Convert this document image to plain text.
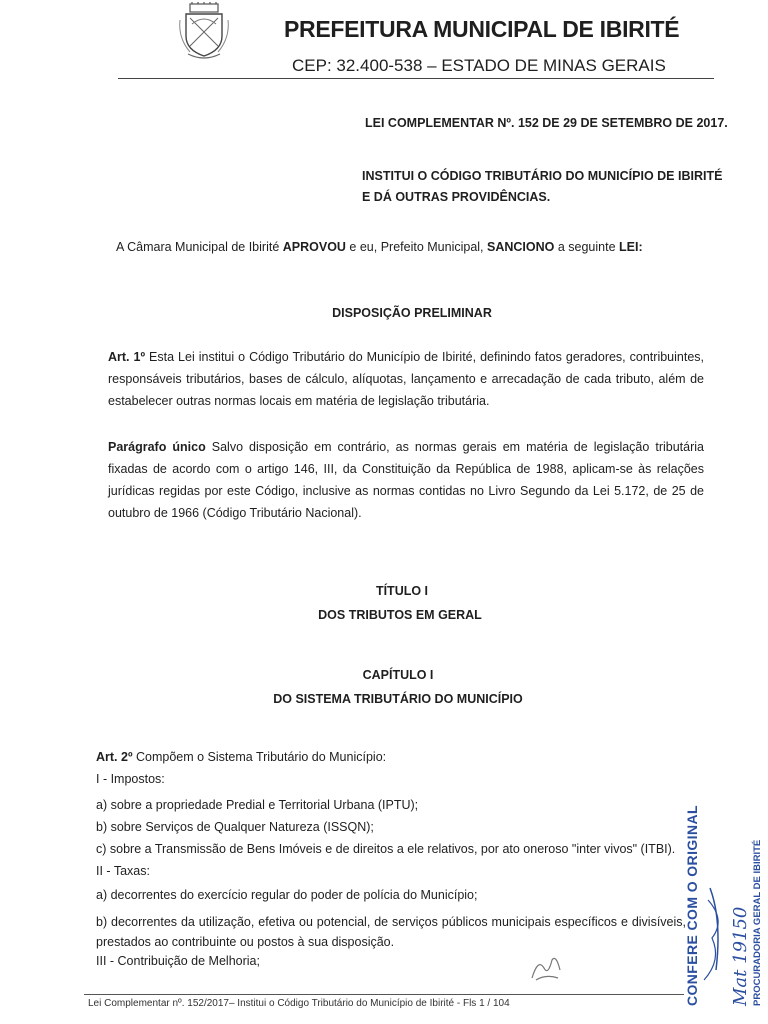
PREFEITURA MUNICIPAL DE IBIRITÉ
CEP: 32.400-538 – ESTADO DE MINAS GERAIS
LEI COMPLEMENTAR Nº. 152 DE 29 DE SETEMBRO DE 2017.
INSTITUI O CÓDIGO TRIBUTÁRIO DO MUNICÍPIO DE IBIRITÉ
E DÁ OUTRAS PROVIDÊNCIAS.
A Câmara Municipal de Ibirité APROVOU e eu, Prefeito Municipal, SANCIONO a seguinte LEI:
DISPOSIÇÃO PRELIMINAR
Art. 1º Esta Lei institui o Código Tributário do Município de Ibirité, definindo fatos geradores, contribuintes, responsáveis tributários, bases de cálculo, alíquotas, lançamento e arrecadação de cada tributo, além de estabelecer outras normas locais em matéria de legislação tributária.
Parágrafo único Salvo disposição em contrário, as normas gerais em matéria de legislação tributária fixadas de acordo com o artigo 146, III, da Constituição da República de 1988, aplicam-se às relações jurídicas regidas por este Código, inclusive as normas contidas no Livro Segundo da Lei 5.172, de 25 de outubro de 1966 (Código Tributário Nacional).
TÍTULO I
DOS TRIBUTOS EM GERAL
CAPÍTULO I
DO SISTEMA TRIBUTÁRIO DO MUNICÍPIO
Art. 2º Compõem o Sistema Tributário do Município:
I - Impostos:
a) sobre a propriedade Predial e Territorial Urbana (IPTU);
b) sobre Serviços de Qualquer Natureza (ISSQN);
c) sobre a Transmissão de Bens Imóveis e de direitos a ele relativos, por ato oneroso "inter vivos" (ITBI).
II - Taxas:
a) decorrentes do exercício regular do poder de polícia do Município;
b) decorrentes da utilização, efetiva ou potencial, de serviços públicos municipais específicos e divisíveis, prestados ao contribuinte ou postos à sua disposição.
III - Contribuição de Melhoria;	CONFERE COM O ORIGINAL Mat 19150 PROCURADORIA GERAL DE IBIRITÉ
Lei Complementar nº. 152/2017– Institui o Código Tributário do Município de Ibirité - Fls 1 / 104
